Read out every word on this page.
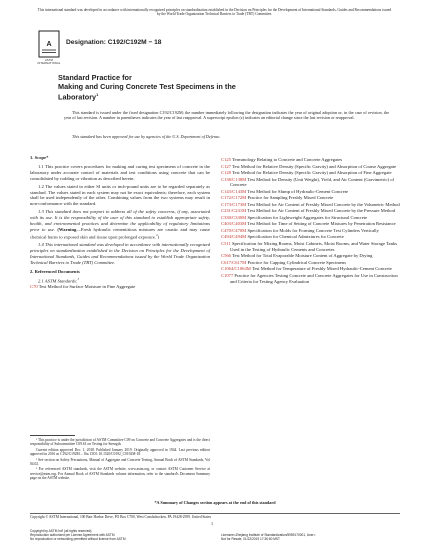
This international standard was developed in accordance with internationally recognized principles on standardization established in the Decision on Principles for the Development of International Standards, Guides and Recommendations issued by the World Trade Organization Technical Barriers to Trade (TBT) Committee.
A
ASTM INTERNATIONAL
Designation: C192/C192M − 18
Standard Practice for
Making and Curing Concrete Test Specimens in the
Laboratory$^1$
This standard is issued under the fixed designation C192/C192M; the number immediately following the designation indicates the year of original adoption or, in the case of revision, the year of last revision. A number in parentheses indicates the year of last reapproval. A superscript epsilon (ε) indicates an editorial change since the last revision or reapproval.
This standard has been approved for use by agencies of the U.S. Department of Defense.
1. Scope*

1.1 This practice covers procedures for making and curing test specimens of concrete in the laboratory under accurate control of materials and test conditions using concrete that can be consolidated by rodding or vibration as described herein.

1.2 The values stated in either SI units or inch-pound units are to be regarded separately as standard. The values stated in each system may not be exact equivalents; therefore, each system shall be used independently of the other. Combining values from the two systems may result in non-conformance with the standard.

1.3 This standard does not purport to address all of the safety concerns, if any, associated with its use. It is the responsibility of the user of this standard to establish appropriate safety, health, and environmental practices and determine the applicability of regulatory limitations prior to use. (Warning—Fresh hydraulic cementitious mixtures are caustic and may cause chemical burns to exposed skin and tissue upon prolonged exposure.$^2$)

1.4 This international standard was developed in accordance with internationally recognized principles on standardization established in the Decision on Principles for the Development of International Standards, Guides and Recommendations issued by the World Trade Organization Technical Barriers to Trade (TBT) Committee.

2. Referenced Documents
2.1 ASTM Standards:$^3$

C70 Test Method for Surface Moisture in Fine Aggregate

¹ This practice is under the jurisdiction of ASTM Committee C09 on Concrete and Concrete Aggregates and is the direct responsibility of Subcommittee C09.61 on Testing for Strength.

Current edition approved Dec. 1, 2018. Published January 2019. Originally approved in 1944. Last previous edition approved in 2016 as C192/C192M – 16a. DOI: 10.1520/C0192_C0192M-18.

² See section on Safety Precautions, Manual of Aggregate and Concrete Testing, Annual Book of ASTM Standards, Vol 04.02.

³ For referenced ASTM standards, visit the ASTM website, www.astm.org, or contact ASTM Customer Service at service@astm.org. For Annual Book of ASTM Standards volume information, refer to the standard's Document Summary page on the ASTM website.

C125 Terminology Relating to Concrete and Concrete Aggregates

C127 Test Method for Relative Density (Specific Gravity) and Absorption of Coarse Aggregate

C128 Test Method for Relative Density (Specific Gravity) and Absorption of Fine Aggregate

C138/C138M Test Method for Density (Unit Weight), Yield, and Air Content (Gravimetric) of Concrete

C143/C143M Test Method for Slump of Hydraulic-Cement Concrete

C172/C172M Practice for Sampling Freshly Mixed Concrete

C173/C173M Test Method for Air Content of Freshly Mixed Concrete by the Volumetric Method

C231/C231M Test Method for Air Content of Freshly Mixed Concrete by the Pressure Method

C330/C330M Specification for Lightweight Aggregates for Structural Concrete

C403/C403M Test Method for Time of Setting of Concrete Mixtures by Penetration Resistance

C470/C470M Specification for Molds for Forming Concrete Test Cylinders Vertically

C494/C494M Specification for Chemical Admixtures for Concrete

C511 Specification for Mixing Rooms, Moist Cabinets, Moist Rooms, and Water Storage Tanks Used in the Testing of Hydraulic Cements and Concretes

C566 Test Method for Total Evaporable Moisture Content of Aggregate by Drying

C617/C617M Practice for Capping Cylindrical Concrete Specimens

C1064/C1064M Test Method for Temperature of Freshly Mixed Hydraulic-Cement Concrete

C1077 Practice for Agencies Testing Concrete and Concrete Aggregates for Use in Construction and Criteria for Testing Agency Evaluation

*A Summary of Changes section appears at the end of this standard
Copyright © ASTM International, 100 Barr Harbor Drive, PO Box C700, West Conshohocken, PA 19428-2959. United States
1
Copyright by ASTM Int'l (all rights reserved);
Reproduction authorized per License Agreement with ASTM
No reproduction or networking permitted without license from ASTM
Licensee=Zhejiang Institute of Standardization/5959170001, User=
Not for Resale, 01/22/2019 17:36:50 MST
